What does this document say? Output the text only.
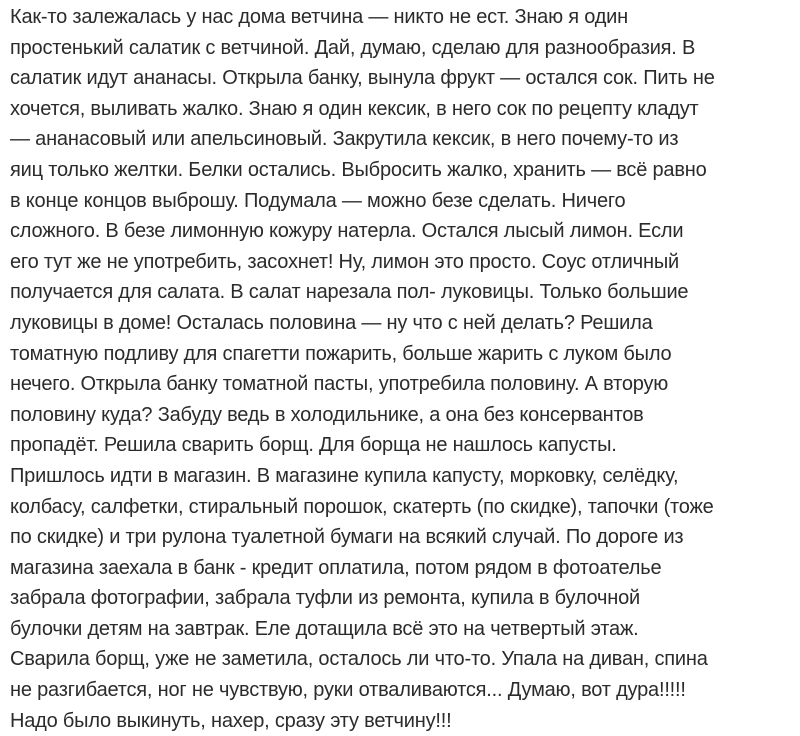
Как-то залежалась у нас дома ветчина — никто не ест. Знаю я один
простенький салатик с ветчиной. Дай, думаю, сделаю для разнообразия. В
салатик идут ананасы. Открыла банку, вынула фрукт — остался сок. Пить не
хочется, выливать жалко. Знаю я один кексик, в него сок по рецепту кладут
— ананасовый или апельсиновый. Закрутила кексик, в него почему-то из
яиц только желтки. Белки остались. Выбросить жалко, хранить — всё равно
в конце концов выброшу. Подумала — можно безе сделать. Ничего
сложного. В безе лимонную кожуру натерла. Остался лысый лимон. Если
его тут же не употребить, засохнет! Ну, лимон это просто. Соус отличный
получается для салата. В салат нарезала пол- луковицы. Только большие
луковицы в доме! Осталась половина — ну что с ней делать? Решила
томатную подливу для спагетти пожарить, больше жарить с луком было
нечего. Открыла банку томатной пасты, употребила половину. А вторую
половину куда? Забуду ведь в холодильнике, а она без консервантов
пропадёт. Решила сварить борщ. Для борща не нашлось капусты.
Пришлось идти в магазин. В магазине купила капусту, морковку, селёдку,
колбасу, салфетки, стиральный порошок, скатерть (по скидке), тапочки (тоже
по скидке) и три рулона туалетной бумаги на всякий случай. По дороге из
магазина заехала в банк - кредит оплатила, потом рядом в фотоателье
забрала фотографии, забрала туфли из ремонта, купила в булочной
булочки детям на завтрак. Еле дотащила всё это на четвертый этаж.
Сварила борщ, уже не заметила, осталось ли что-то. Упала на диван, спина
не разгибается, ног не чувствую, руки отваливаются... Думаю, вот дура!!!!!
Надо было выкинуть, нахер, сразу эту ветчину!!!
